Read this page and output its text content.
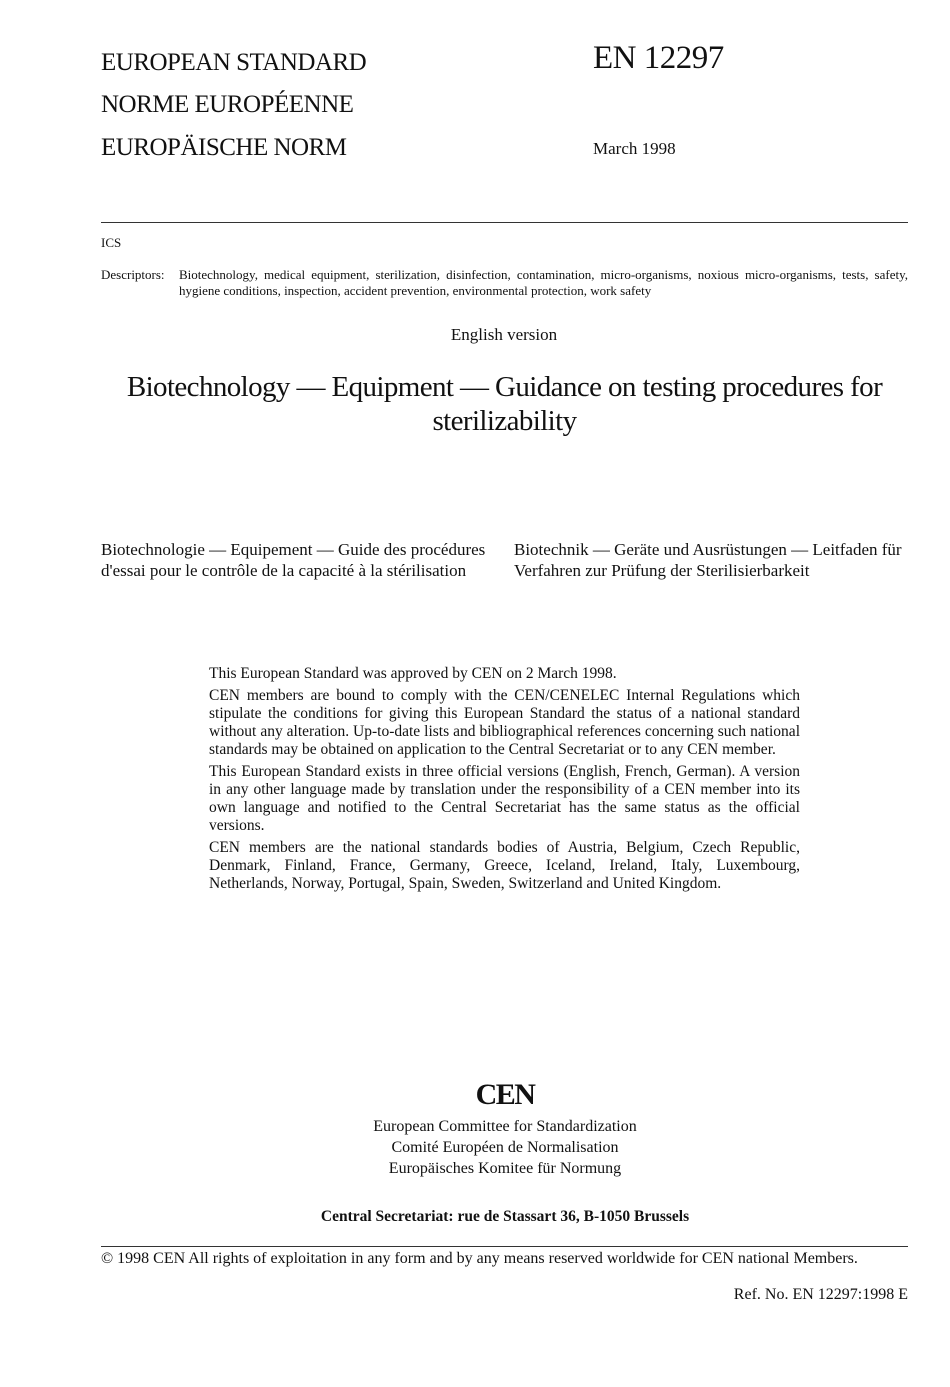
EUROPEAN STANDARD
NORME EUROPÉENNE
EUROPÄISCHE NORM
EN 12297
March 1998
ICS
Descriptors: Biotechnology, medical equipment, sterilization, disinfection, contamination, micro-organisms, noxious micro-organisms, tests, safety, hygiene conditions, inspection, accident prevention, environmental protection, work safety
English version
Biotechnology — Equipment — Guidance on testing procedures for sterilizability
Biotechnologie — Equipement — Guide des procédures d'essai pour le contrôle de la capacité à la stérilisation
Biotechnik — Geräte und Ausrüstungen — Leitfaden für Verfahren zur Prüfung der Sterilisierbarkeit

This European Standard was approved by CEN on 2 March 1998.

CEN members are bound to comply with the CEN/CENELEC Internal Regulations which stipulate the conditions for giving this European Standard the status of a national standard without any alteration. Up-to-date lists and bibliographical references concerning such national standards may be obtained on application to the Central Secretariat or to any CEN member.

This European Standard exists in three official versions (English, French, German). A version in any other language made by translation under the responsibility of a CEN member into its own language and notified to the Central Secretariat has the same status as the official versions.

CEN members are the national standards bodies of Austria, Belgium, Czech Republic, Denmark, Finland, France, Germany, Greece, Iceland, Ireland, Italy, Luxembourg, Netherlands, Norway, Portugal, Spain, Sweden, Switzerland and United Kingdom.

CEN
European Committee for Standardization
Comité Européen de Normalisation
Europäisches Komitee für Normung
Central Secretariat: rue de Stassart 36, B-1050 Brussels
© 1998 CEN All rights of exploitation in any form and by any means reserved worldwide for CEN national Members.
Ref. No. EN 12297:1998 E
